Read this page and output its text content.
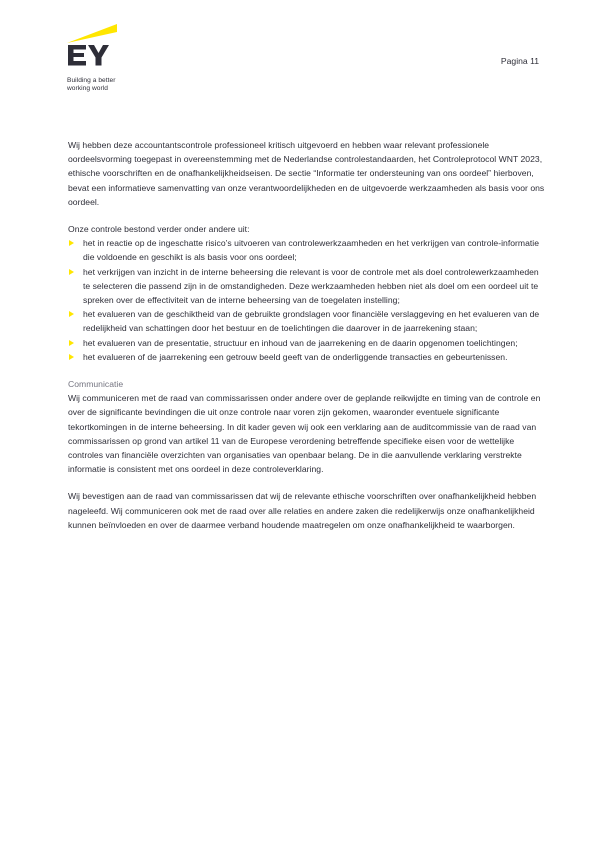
Building a better
working world
Pagina 11

Wij hebben deze accountantscontrole professioneel kritisch uitgevoerd en hebben waar relevant professionele oordeelsvorming toegepast in overeenstemming met de Nederlandse controlestandaarden, het Controleprotocol WNT 2023, ethische voorschriften en de onafhankelijkheidseisen. De sectie “Informatie ter ondersteuning van ons oordeel” hierboven, bevat een informatieve samenvatting van onze verantwoordelijkheden en de uitgevoerde werkzaamheden als basis voor ons oordeel.

Onze controle bestond verder onder andere uit:

het in reactie op de ingeschatte risico’s uitvoeren van controlewerkzaamheden en het verkrijgen van controle-informatie die voldoende en geschikt is als basis voor ons oordeel;
het verkrijgen van inzicht in de interne beheersing die relevant is voor de controle met als doel controlewerkzaamheden te selecteren die passend zijn in de omstandigheden. Deze werkzaamheden hebben niet als doel om een oordeel uit te spreken over de effectiviteit van de interne beheersing van de toegelaten instelling;
het evalueren van de geschiktheid van de gebruikte grondslagen voor financiële verslaggeving en het evalueren van de redelijkheid van schattingen door het bestuur en de toelichtingen die daarover in de jaarrekening staan;
het evalueren van de presentatie, structuur en inhoud van de jaarrekening en de daarin opgenomen toelichtingen;
het evalueren of de jaarrekening een getrouw beeld geeft van de onderliggende transacties en gebeurtenissen.

Communicatie

Wij communiceren met de raad van commissarissen onder andere over de geplande reikwijdte en timing van de controle en over de significante bevindingen die uit onze controle naar voren zijn gekomen, waaronder eventuele significante tekortkomingen in de interne beheersing. In dit kader geven wij ook een verklaring aan de auditcommissie van de raad van commissarissen op grond van artikel 11 van de Europese verordening betreffende specifieke eisen voor de wettelijke controles van financiële overzichten van organisaties van openbaar belang. De in die aanvullende verklaring verstrekte informatie is consistent met ons oordeel in deze controleverklaring.

Wij bevestigen aan de raad van commissarissen dat wij de relevante ethische voorschriften over onafhankelijkheid hebben nageleefd. Wij communiceren ook met de raad over alle relaties en andere zaken die redelijkerwijs onze onafhankelijkheid kunnen beïnvloeden en over de daarmee verband houdende maatregelen om onze onafhankelijkheid te waarborgen.
